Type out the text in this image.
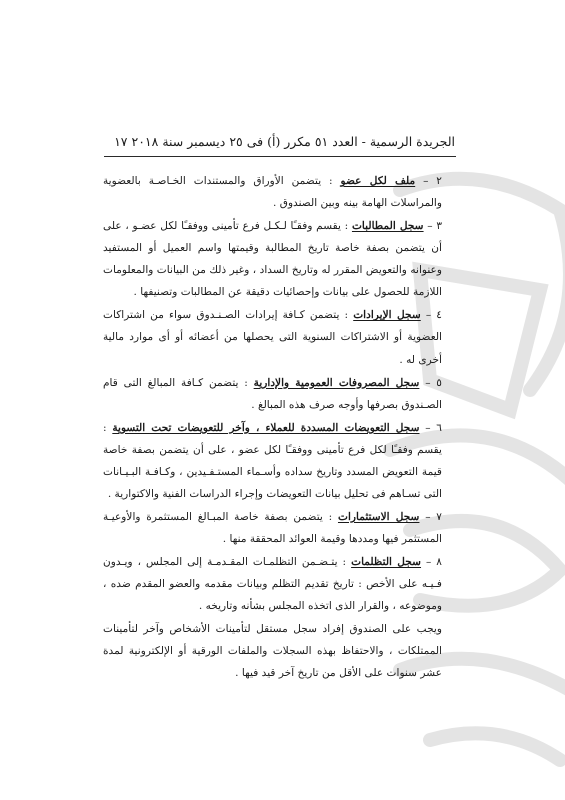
الجريدة الرسمية - العدد ٥١ مكرر (أ) فى ٢٥ ديسمبر سنة ٢٠١٨ ١٧

٢ – ملف لكل عضو : يتضمن الأوراق والمستندات الخـاصـة بالعضوية والمراسلات الهامة بينه وبين الصندوق .

٣ – سجل المطالبات : يقسم وفقـًا لـكـل فرع تأمينى ووفقـًا لكل عضـو ، على أن يتضمن بصفة خاصة تاريخ المطالبة وقيمتها واسم العميل أو المستفيد وعنوانه والتعويض المقرر له وتاريخ السداد ، وغير ذلك من البيانات والمعلومات اللازمة للحصول على بيانات وإحصائيات دقيقة عن المطالبات وتصنيفها .

٤ – سجل الإيرادات : يتضمن كـافة إيرادات الصـنـدوق سواء من اشتراكات العضوية أو الاشتراكات السنوية التى يحصلها من أعضائه أو أى موارد مالية أخرى له .

٥ – سجل المصروفات العمومية والإدارية : يتضمن كـافة المبالغ التى قام الصـندوق بصرفها وأوجه صرف هذه المبالغ .

٦ – سجل التعويضات المسددة للعملاء ، وآخر للتعويضات تحت التسوية : يقسم وفقـًا لكل فرع تأمينى ووفقـًا لكل عضو ، على أن يتضمن بصفة خاصة قيمة التعويض المسدد وتاريخ سداده وأسـماء المستـفـيدين ، وكـافـة البـيـانات التى تسـاهم فى تحليل بيانات التعويضات وإجراء الدراسات الفنية والاكتوارية .

٧ – سجل الاستثمارات : يتضمن بصفة خاصة المبـالغ المستثمرة والأوعيـة المستثمر فيها ومددها وقيمة العوائد المحققة منها .

٨ – سجل التظلمات : يتـضـمن التظلمـات المقـدمـة إلى المجلس ، ويـدون فـيـه على الأخص : تاريخ تقديم التظلم وبيانات مقدمه والعضو المقدم ضده ، وموضوعه ، والقرار الذى اتخذه المجلس بشأنه وتاريخه .

ويجب على الصندوق إفراد سجل مستقل لتأمينات الأشخاص وآخر لتأمينات الممتلكات ، والاحتفاظ بهذه السجلات والملفات الورقية أو الإلكترونية لمدة عشر سنوات على الأقل من تاريخ آخر قيد فيها .
